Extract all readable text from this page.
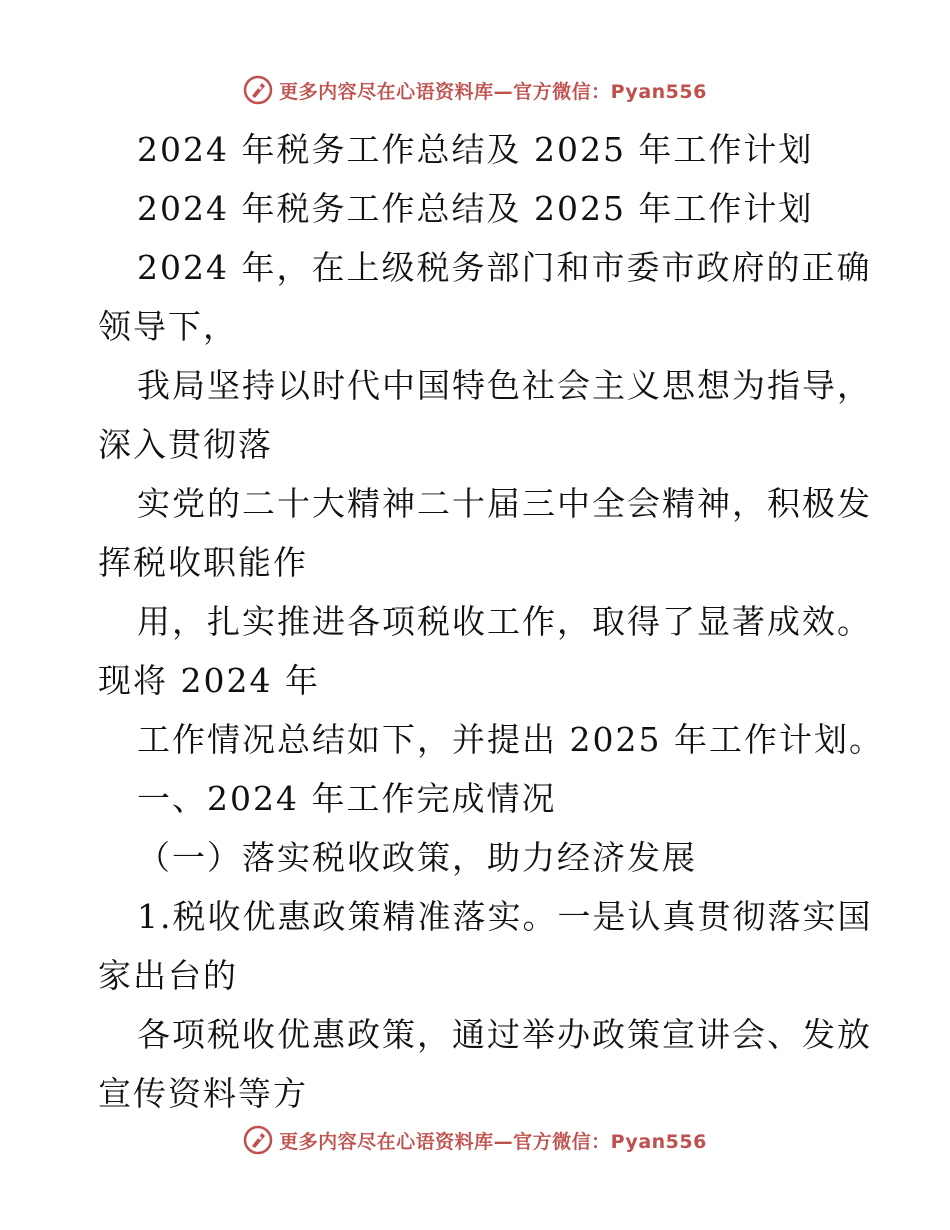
更多内容尽在心语资料库—官方微信：Pyan556
2024 年税务工作总结及 2025 年工作计划
2024 年税务工作总结及 2025 年工作计划
2024 年，在上级税务部门和市委市政府的正确
领导下，
我局坚持以时代中国特色社会主义思想为指导，
深入贯彻落
实党的二十大精神二十届三中全会精神，积极发
挥税收职能作
用，扎实推进各项税收工作，取得了显著成效。
现将 2024 年
工作情况总结如下，并提出 2025 年工作计划。
一、2024 年工作完成情况
（一）落实税收政策，助力经济发展
1.税收优惠政策精准落实。一是认真贯彻落实国
家出台的
各项税收优惠政策，通过举办政策宣讲会、发放
宣传资料等方
更多内容尽在心语资料库—官方微信：Pyan556
